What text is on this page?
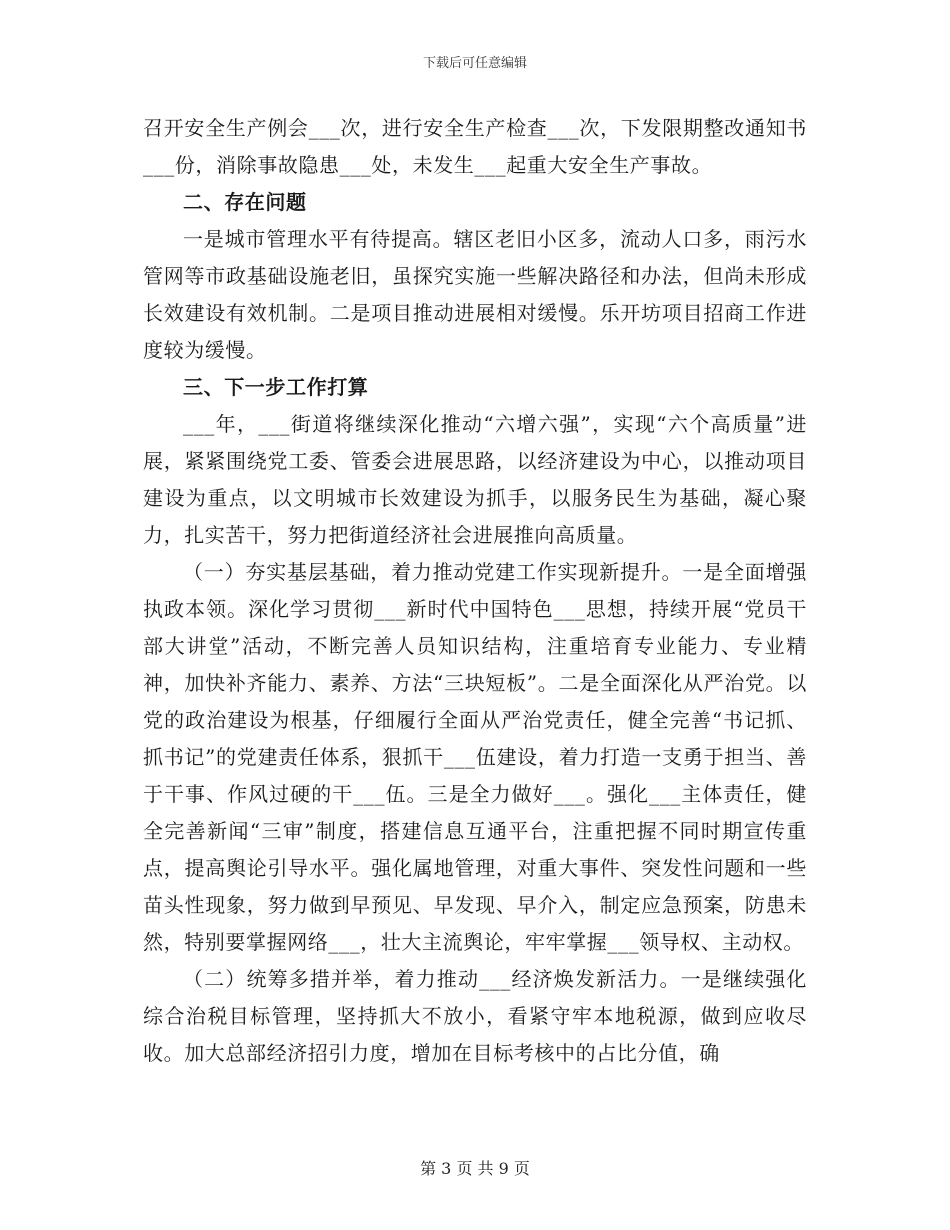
下载后可任意编辑

召开安全生产例会___次，进行安全生产检查___次，下发限期整改通知书___份，消除事故隐患___处，未发生___起重大安全生产事故。

二、存在问题

一是城市管理水平有待提高。辖区老旧小区多，流动人口多，雨污水管网等市政基础设施老旧，虽探究实施一些解决路径和办法，但尚未形成长效建设有效机制。二是项目推动进展相对缓慢。乐开坊项目招商工作进度较为缓慢。

三、下一步工作打算

___年，___街道将继续深化推动“六增六强”，实现“六个高质量”进展，紧紧围绕党工委、管委会进展思路，以经济建设为中心，以推动项目建设为重点，以文明城市长效建设为抓手，以服务民生为基础，凝心聚力，扎实苦干，努力把街道经济社会进展推向高质量。

（一）夯实基层基础，着力推动党建工作实现新提升。一是全面增强执政本领。深化学习贯彻___新时代中国特色___思想，持续开展“党员干部大讲堂”活动，不断完善人员知识结构，注重培育专业能力、专业精神，加快补齐能力、素养、方法“三块短板”。二是全面深化从严治党。以党的政治建设为根基，仔细履行全面从严治党责任，健全完善“书记抓、抓书记”的党建责任体系，狠抓干___伍建设，着力打造一支勇于担当、善于干事、作风过硬的干___伍。三是全力做好___。强化___主体责任，健全完善新闻“三审”制度，搭建信息互通平台，注重把握不同时期宣传重点，提高舆论引导水平。强化属地管理，对重大事件、突发性问题和一些苗头性现象，努力做到早预见、早发现、早介入，制定应急预案，防患未然，特别要掌握网络___，壮大主流舆论，牢牢掌握___领导权、主动权。

（二）统筹多措并举，着力推动___经济焕发新活力。一是继续强化综合治税目标管理，坚持抓大不放小，看紧守牢本地税源，做到应收尽收。加大总部经济招引力度，增加在目标考核中的占比分值，确

第 3 页 共 9 页
